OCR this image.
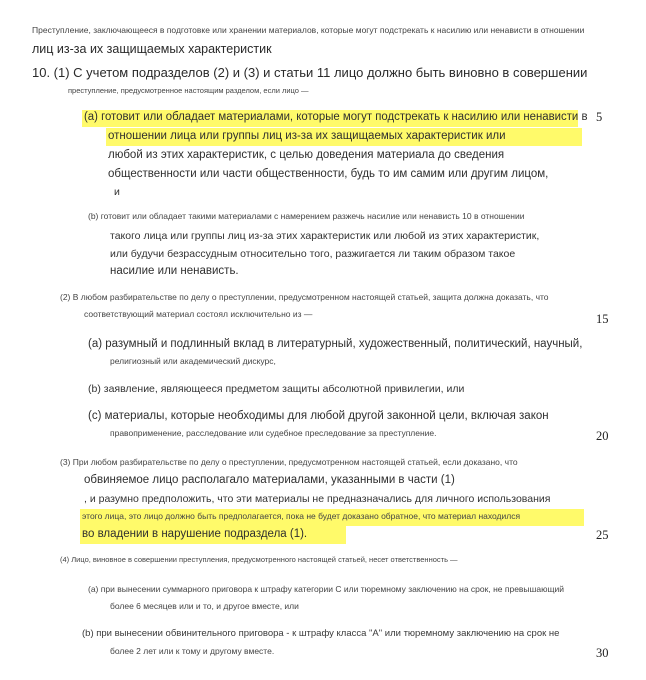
Преступление, заключающееся в подготовке или хранении материалов, которые могут подстрекать к насилию или ненависти в отношении
лиц из-за их защищаемых характеристик
10. (1) С учетом подразделов (2) и (3) и статьи 11 лицо должно быть виновно в совершении
преступление, предусмотренное настоящим разделом, если лицо —
(a) готовит или обладает материалами, которые могут подстрекать к насилию или ненависти в
отношении лица или группы лиц из-за их защищаемых характеристик или
любой из этих характеристик, с целью доведения материала до сведения
общественности или части общественности, будь то им самим или другим лицом,
и
(b) готовит или обладает такими материалами с намерением разжечь насилие или ненависть 10 в отношении
такого лица или группы лиц из-за этих характеристик или любой из этих характеристик,
или будучи безрассудным относительно того, разжигается ли таким образом такое
насилие или ненависть.
(2) В любом разбирательстве по делу о преступлении, предусмотренном настоящей статьей, защита должна доказать, что
соответствующий материал состоял исключительно из —
(a) разумный и подлинный вклад в литературный, художественный, политический, научный,
религиозный или академический дискурс,
(b) заявление, являющееся предметом защиты абсолютной привилегии, или
(c) материалы, которые необходимы для любой другой законной цели, включая закон
правоприменение, расследование или судебное преследование за преступление.
(3) При любом разбирательстве по делу о преступлении, предусмотренном настоящей статьей, если доказано, что
обвиняемое лицо располагало материалами, указанными в части (1)
, и разумно предположить, что эти материалы не предназначались для личного использования
этого лица, это лицо должно быть предполагается, пока не будет доказано обратное, что материал находился
во владении в нарушение подраздела (1).
(4) Лицо, виновное в совершении преступления, предусмотренного настоящей статьей, несет ответственность —
(a) при вынесении суммарного приговора к штрафу категории C или тюремному заключению на срок, не превышающий
более 6 месяцев или и то, и другое вместе, или
(b) при вынесении обвинительного приговора - к штрафу класса "A" или тюремному заключению на срок не
более 2 лет или к тому и другому вместе.
5
15
20
25
30
